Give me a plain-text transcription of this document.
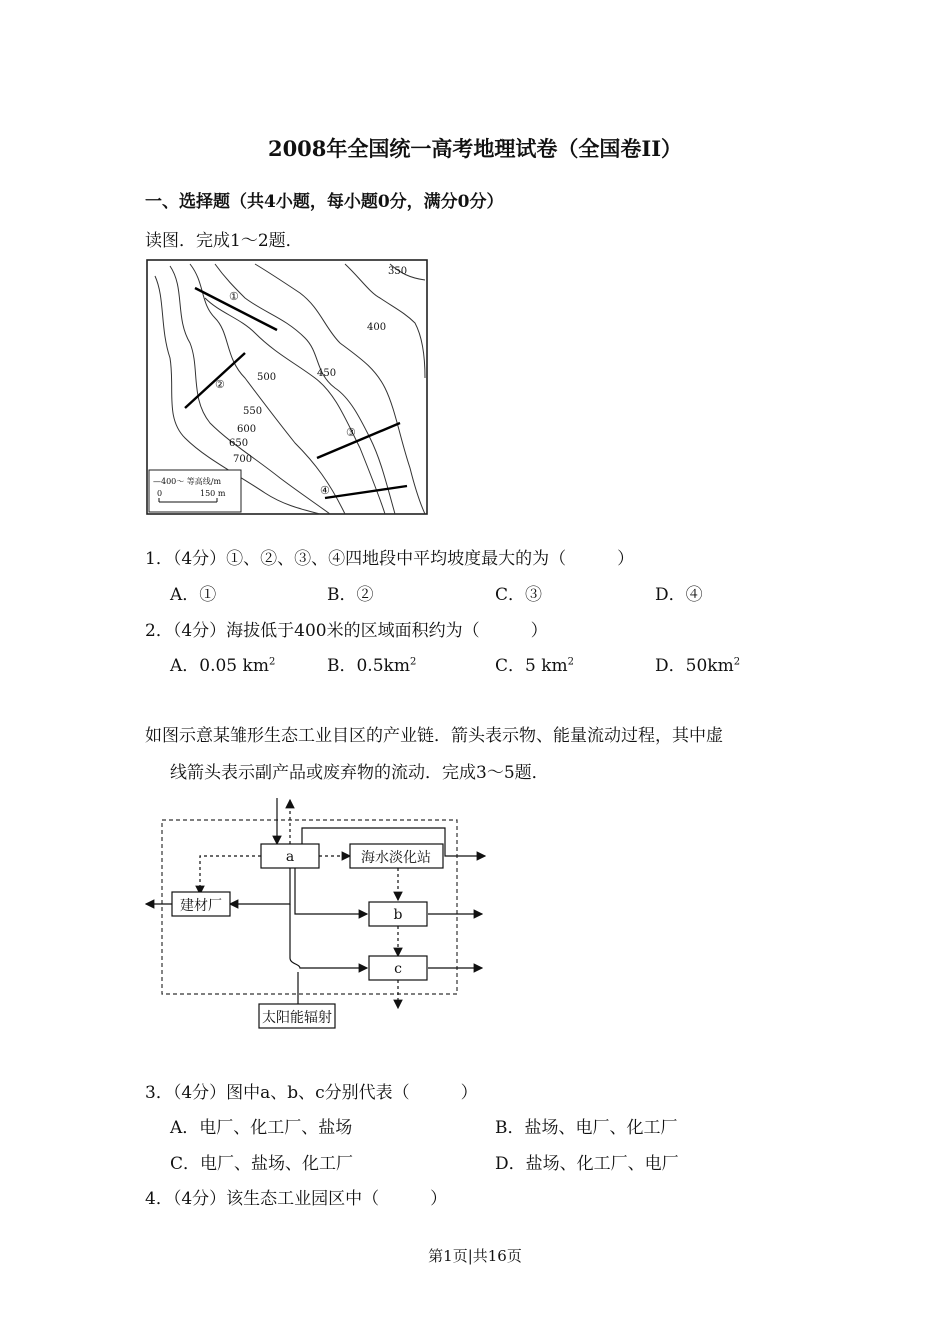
2008年全国统一高考地理试卷（全国卷II）
一、选择题（共4小题，每小题0分，满分0分）
读图．完成1～2题．
350
400
450
500
550
600
650
700
①
②
③
④
—400～ 等高线/m
0	150 m
1．（4分）①、②、③、④四地段中平均坡度最大的为（　　　）
A．①	B．②	C．③	D．④
2．（4分）海拔低于400米的区域面积约为（　　　）
A．0.05 $km^2$	B．$0.5km^2$	C．5 $km^2$	D．$50km^2$
如图示意某雏形生态工业目区的产业链．箭头表示物、能量流动过程，其中虚
线箭头表示副产品或废弃物的流动．完成3～5题．
a	海水淡化站
建材厂
b
c
太阳能辐射
3．（4分）图中a、b、c分别代表（　　　）
A．电厂、化工厂、盐场	B．盐场、电厂、化工厂
C．电厂、盐场、化工厂	D．盐场、化工厂、电厂
4．（4分）该生态工业园区中（　　　）
第1页|共16页
